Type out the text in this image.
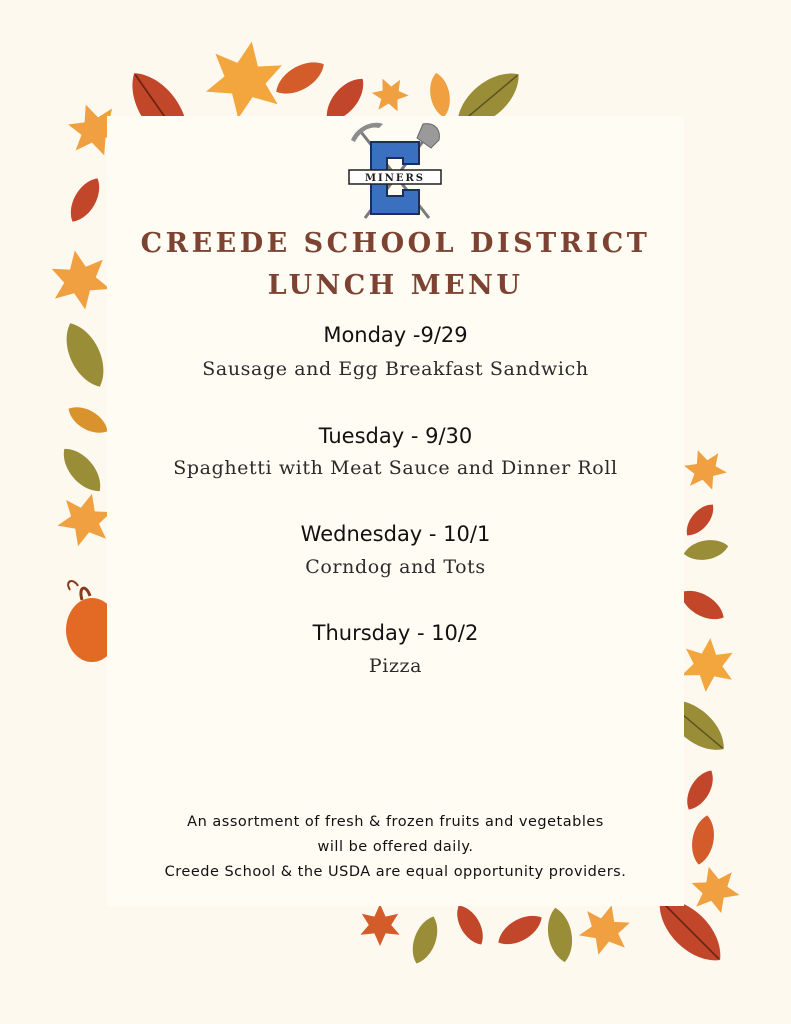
MINERS
CREEDE SCHOOL DISTRICT
LUNCH MENU
Monday -9/29
Sausage and Egg Breakfast Sandwich
Tuesday - 9/30
Spaghetti with Meat Sauce and Dinner Roll
Wednesday - 10/1
Corndog and Tots
Thursday - 10/2
Pizza
An assortment of fresh & frozen fruits and vegetables
will be offered daily.
Creede School & the USDA are equal opportunity providers.
